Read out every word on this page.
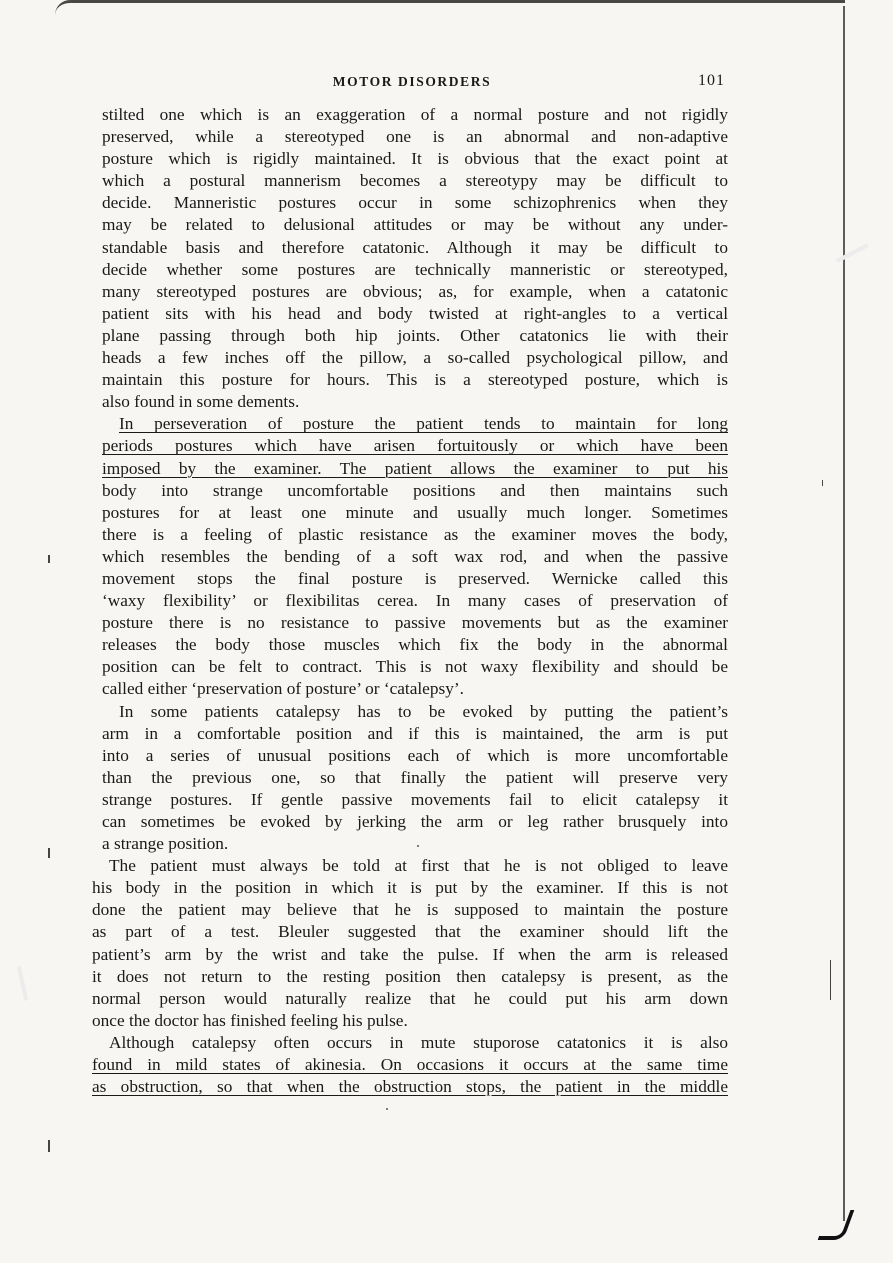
/
/
MOTOR DISORDERS	101
stilted one which is an exaggeration of a normal posture and not rigidly
preserved, while a stereotyped one is an abnormal and non-adaptive
posture which is rigidly maintained. It is obvious that the exact point at
which a postural mannerism becomes a stereotypy may be difficult to
decide. Manneristic postures occur in some schizophrenics when they
may be related to delusional attitudes or may be without any under-
standable basis and therefore catatonic. Although it may be difficult to
decide whether some postures are technically manneristic or stereotyped,
many stereotyped postures are obvious; as, for example, when a catatonic
patient sits with his head and body twisted at right-angles to a vertical
plane passing through both hip joints. Other catatonics lie with their
heads a few inches off the pillow, a so-called psychological pillow, and
maintain this posture for hours. This is a stereotyped posture, which is
also found in some dements.
In perseveration of posture the patient tends to maintain for long
periods postures which have arisen fortuitously or which have been
imposed by the examiner. The patient allows the examiner to put his
body into strange uncomfortable positions and then maintains such
postures for at least one minute and usually much longer. Sometimes
there is a feeling of plastic resistance as the examiner moves the body,
which resembles the bending of a soft wax rod, and when the passive
movement stops the final posture is preserved. Wernicke called this
‘waxy flexibility’ or flexibilitas cerea. In many cases of preservation of
posture there is no resistance to passive movements but as the examiner
releases the body those muscles which fix the body in the abnormal
position can be felt to contract. This is not waxy flexibility and should be
called either ‘preservation of posture’ or ‘catalepsy’.
In some patients catalepsy has to be evoked by putting the patient’s
arm in a comfortable position and if this is maintained, the arm is put
into a series of unusual positions each of which is more uncomfortable
than the previous one, so that finally the patient will preserve very
strange postures. If gentle passive movements fail to elicit catalepsy it
can sometimes be evoked by jerking the arm or leg rather brusquely into
a strange position.
The patient must always be told at first that he is not obliged to leave
his body in the position in which it is put by the examiner. If this is not
done the patient may believe that he is supposed to maintain the posture
as part of a test. Bleuler suggested that the examiner should lift the
patient’s arm by the wrist and take the pulse. If when the arm is released
it does not return to the resting position then catalepsy is present, as the
normal person would naturally realize that he could put his arm down
once the doctor has finished feeling his pulse.
Although catalepsy often occurs in mute stuporose catatonics it is also
found in mild states of akinesia. On occasions it occurs at the same time
as obstruction, so that when the obstruction stops, the patient in the middle
